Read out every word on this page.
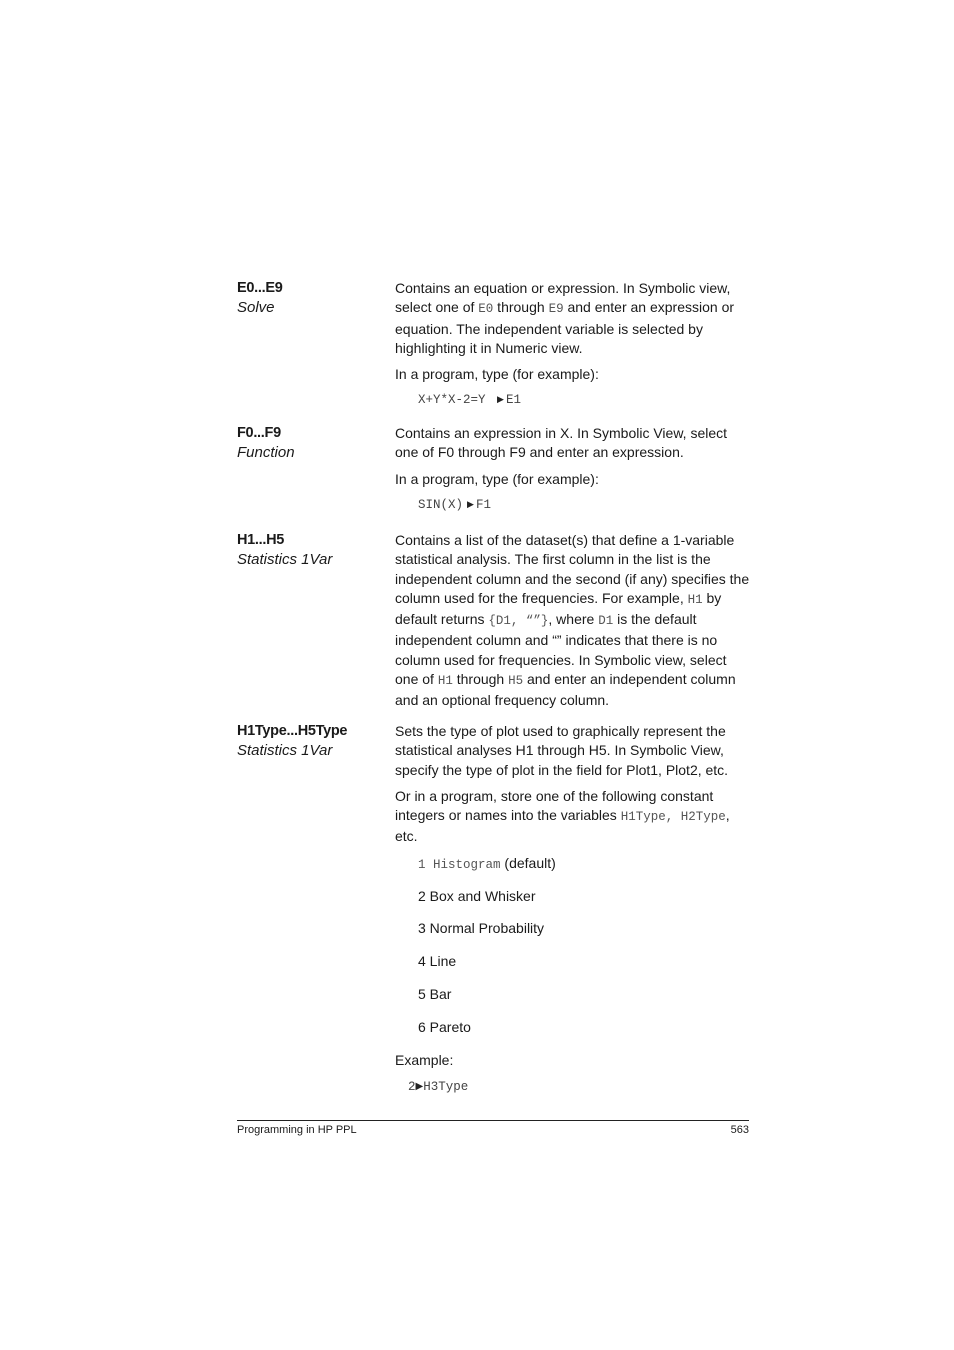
E0...E9
Solve

Contains an equation or expression. In Symbolic view, select one of E0 through E9 and enter an expression or equation. The independent variable is selected by highlighting it in Numeric view.

In a program, type (for example):

X+Y*X-2=Y ▶ E1

F0...F9
Function

Contains an expression in X. In Symbolic View, select one of F0 through F9 and enter an expression.

In a program, type (for example):

SIN(X) ▶ F1

H1...H5
Statistics 1Var

Contains a list of the dataset(s) that define a 1-variable statistical analysis. The first column in the list is the independent column and the second (if any) specifies the column used for the frequencies. For example, H1 by default returns {D1, “”}, where D1 is the default independent column and “” indicates that there is no column used for frequencies. In Symbolic view, select one of H1 through H5 and enter an independent column and an optional frequency column.

H1Type...H5Type
Statistics 1Var

Sets the type of plot used to graphically represent the statistical analyses H1 through H5. In Symbolic View, specify the type of plot in the field for Plot1, Plot2, etc.

Or in a program, store one of the following constant integers or names into the variables H1Type, H2Type, etc.

1 Histogram (default)

2 Box and Whisker

3 Normal Probability

4 Line

5 Bar

6 Pareto

Example:

2▶H3Type

Programming in HP PPL	563
